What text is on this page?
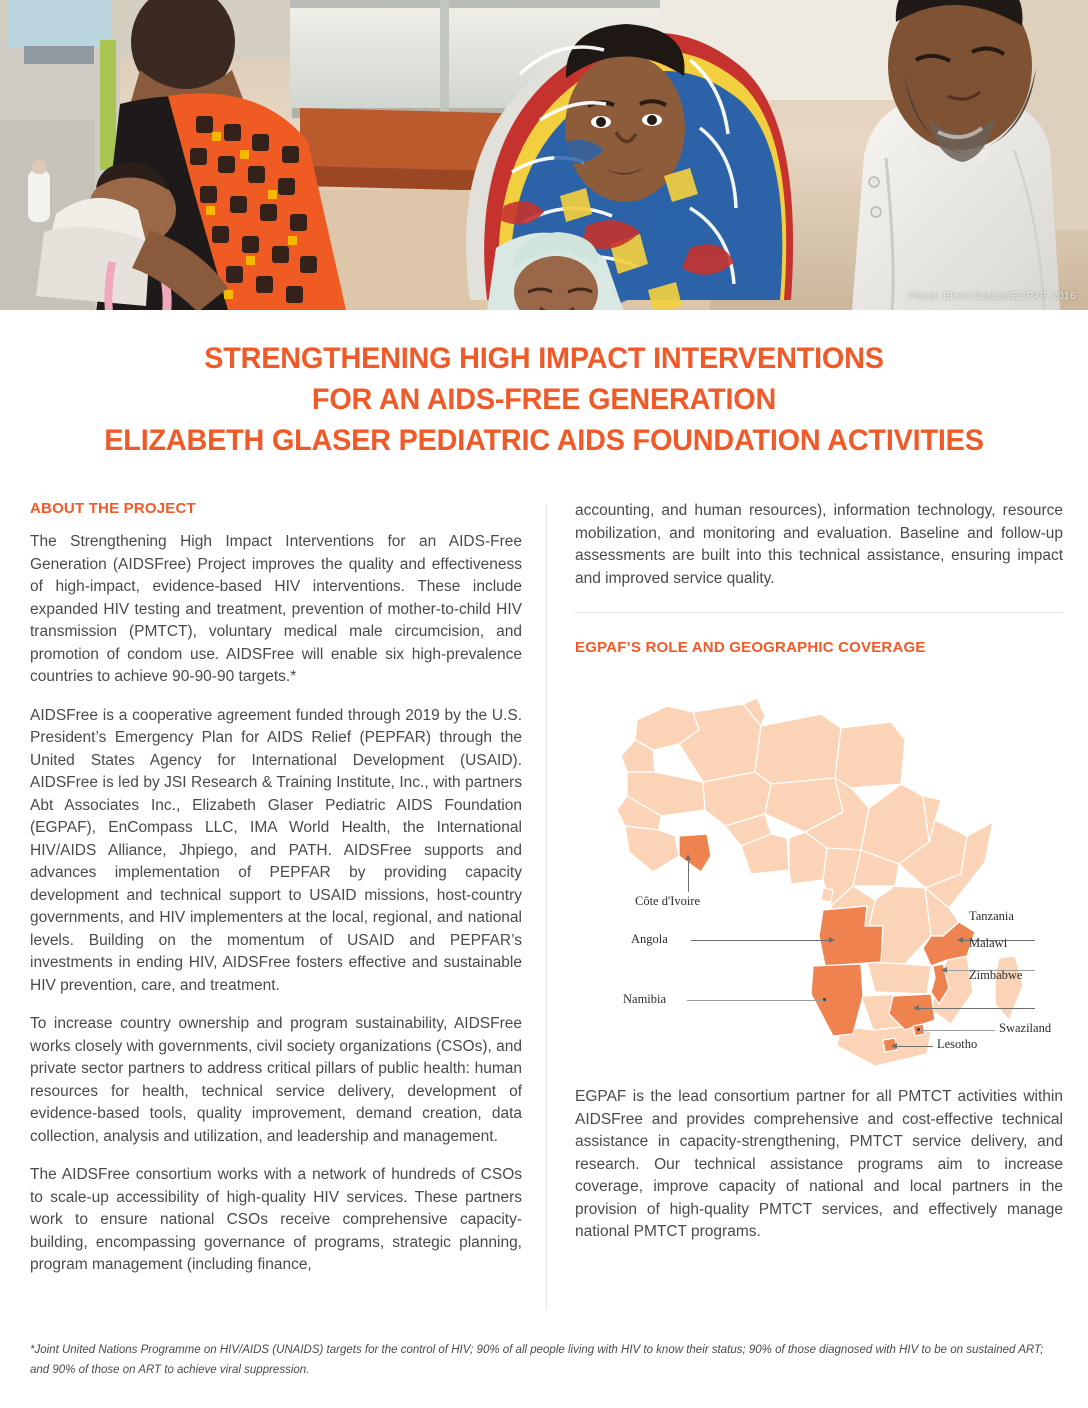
Photo: Elena Grabor/EGPAF, 2016
STRENGTHENING HIGH IMPACT INTERVENTIONS
FOR AN AIDS-FREE GENERATION
ELIZABETH GLASER PEDIATRIC AIDS FOUNDATION ACTIVITIES
ABOUT THE PROJECT

The Strengthening High Impact Interventions for an AIDS-Free Generation (AIDSFree) Project improves the quality and effectiveness of high-impact, evidence-based HIV interventions. These include expanded HIV testing and treatment, prevention of mother-to-child HIV transmission (PMTCT), voluntary medical male circumcision, and promotion of condom use. AIDSFree will enable six high-prevalence countries to achieve 90-90-90 targets.*

AIDSFree is a cooperative agreement funded through 2019 by the U.S. President’s Emergency Plan for AIDS Relief (PEPFAR) through the United States Agency for International Development (USAID). AIDSFree is led by JSI Research & Training Institute, Inc., with partners Abt Associates Inc., Elizabeth Glaser Pediatric AIDS Foundation (EGPAF), EnCompass LLC, IMA World Health, the International HIV/AIDS Alliance, Jhpiego, and PATH. AIDSFree supports and advances implementation of PEPFAR by providing capacity development and technical support to USAID missions, host-country governments, and HIV implementers at the local, regional, and national levels. Building on the momentum of USAID and PEPFAR’s investments in ending HIV, AIDSFree fosters effective and sustainable HIV prevention, care, and treatment.

To increase country ownership and program sustainability, AIDSFree works closely with governments, civil society organizations (CSOs), and private sector partners to address critical pillars of public health: human resources for health, technical service delivery, development of evidence-based tools, quality improvement, demand creation, data collection, analysis and utilization, and leadership and management.

The AIDSFree consortium works with a network of hundreds of CSOs to scale-up accessibility of high-quality HIV services. These partners work to ensure national CSOs receive comprehensive capacity-building, encompassing governance of programs, strategic planning, program management (including finance,

accounting, and human resources), information technology, resource mobilization, and monitoring and evaluation. Baseline and follow-up assessments are built into this technical assistance, ensuring impact and improved service quality.

EGPAF’S ROLE AND GEOGRAPHIC COVERAGE
Côte d'Ivoire
Tanzania
Malawi
Zimbabwe
Angola
Namibia
Swaziland
Lesotho

EGPAF is the lead consortium partner for all PMTCT activities within AIDSFree and provides comprehensive and cost-effective technical assistance in capacity-strengthening, PMTCT service delivery, and research. Our technical assistance programs aim to increase coverage, improve capacity of national and local partners in the provision of high-quality PMTCT services, and effectively manage national PMTCT programs.

*Joint United Nations Programme on HIV/AIDS (UNAIDS) targets for the control of HIV; 90% of all people living with HIV to know their status; 90% of those diagnosed with HIV to be on sustained ART; and 90% of those on ART to achieve viral suppression.
